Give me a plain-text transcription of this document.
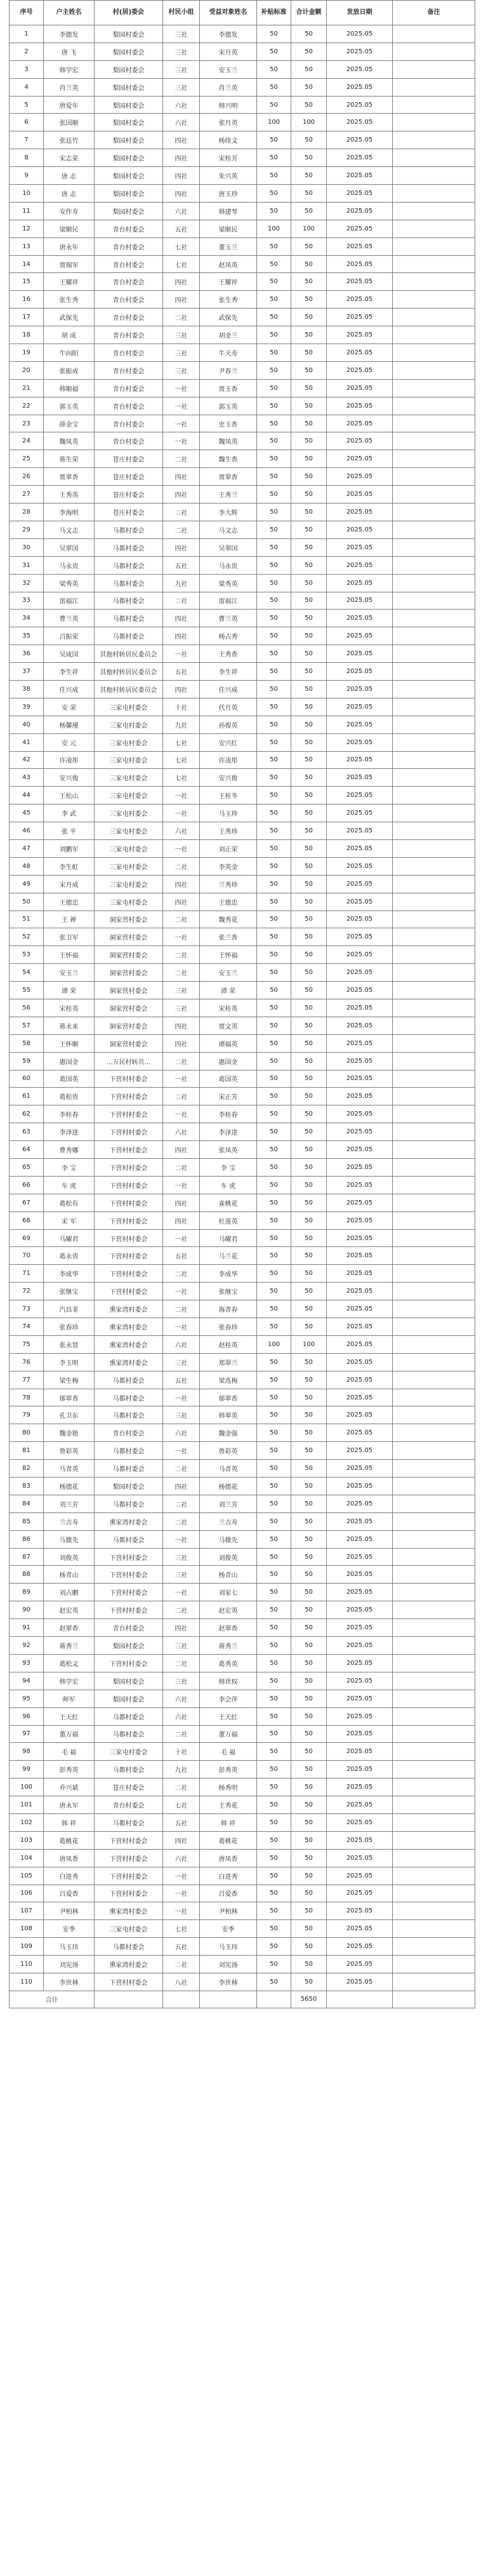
序号	户主姓名	村(居)委会	村民小组	受益对象姓名	补贴标准	合计金额	发放日期	备注
1	李德发	梨园村委会	三社	李德发	50	50	2025.05	
2	唐 飞	梨园村委会	三社	宋月英	50	50	2025.05	
3	韩学宏	梨园村委会	三社	安玉兰	50	50	2025.05	
4	肖兰英	梨园村委会	三社	肖兰英	50	50	2025.05	
5	唐爱年	梨园村委会	六社	韩兴明	50	50	2025.05	
6	张国顺	梨园村委会	六社	张月英	100	100	2025.05	
7	张廷竹	梨园村委会	四社	杨续文	50	50	2025.05	
8	宋志荣	梨园村委会	四社	宋桂芳	50	50	2025.05	
9	唐 志	梨园村委会	四社	朱兴英	50	50	2025.05	
10	唐 志	梨园村委会	四社	唐玉珍	50	50	2025.05	
11	安作寿	梨园村委会	六社	韩建琴	50	50	2025.05	
12	梁顺民	青台村委会	五社	梁顺民	100	100	2025.05	
13	唐永年	青台村委会	七社	董玉兰	50	50	2025.05	
14	贾瑞军	青台村委会	七社	赵凤英	50	50	2025.05	
15	王耀祥	青台村委会	四社	王耀祥	50	50	2025.05	
16	张生秀	青台村委会	四社	张生秀	50	50	2025.05	
17	武保先	青台村委会	二社	武保先	50	50	2025.05	
18	胡 成	青台村委会	三社	胡金兰	50	50	2025.05	
19	牛向阳	青台村委会	三社	牛天寿	50	50	2025.05	
20	张振成	青台村委会	三社	尹春兰	50	50	2025.05	
21	韩顺福	青台村委会	一社	贾玉香	50	50	2025.05	
22	郭玉英	青台村委会	一社	郭玉英	50	50	2025.05	
23	薛金宝	青台村委会	一社	史玉香	50	50	2025.05	
24	魏凤英	青台村委会	一社	魏凤英	50	50	2025.05	
25	蒋生荣	苍庄村委会	二社	魏生香	50	50	2025.05	
26	贾翠香	苍庄村委会	四社	贾翠香	50	50	2025.05	
27	王秀英	苍庄村委会	四社	王秀兰	50	50	2025.05	
28	李海明	苍庄村委会	二社	李大辉	50	50	2025.05	
29	马文志	马都村委会	二社	马文志	50	50	2025.05	
30	吴翠国	马都村委会	四社	吴翠国	50	50	2025.05	
31	马永贵	马都村委会	五社	马永贵	50	50	2025.05	
32	梁秀英	马都村委会	九社	梁秀英	50	50	2025.05	
33	雷福江	马都村委会	二社	雷福江	50	50	2025.05	
34	曹兰英	马都村委会	四社	曹兰英	50	50	2025.05	
35	吕振荣	马都村委会	四社	杨占秀	50	50	2025.05	
36	吴成国	其他村转居民委员会	一社	王秀香	50	50	2025.05	
37	李生祥	其他村转居民委员会	五社	李生祥	50	50	2025.05	
38	任兴成	其他村转居民委员会	四社	任兴成	50	50	2025.05	
39	安 荣	三家屯村委会	十社	代月英	50	50	2025.05	
40	杨馨瑾	三家屯村委会	九社	孙俊英	50	50	2025.05	
41	安 元	三家屯村委会	七社	安兴红	50	50	2025.05	
42	许凌彤	三家屯村委会	七社	许凌彤	50	50	2025.05	
43	安兴俊	三家屯村委会	七社	安兴俊	50	50	2025.05	
44	王松山	三家屯村委会	一社	王桂冬	50	50	2025.05	
45	李 武	三家屯村委会	一社	马玉珍	50	50	2025.05	
46	张 平	三家屯村委会	六社	王秀珍	50	50	2025.05	
47	刘鹏军	三家屯村委会	一社	刘正荣	50	50	2025.05	
48	李生虹	三家屯村委会	二社	李英金	50	50	2025.05	
49	宋月成	三家屯村委会	四社	兰秀珍	50	50	2025.05	
50	王德忠	三家屯村委会	四社	王德忠	50	50	2025.05	
51	王 禅	洞家营村委会	二社	魏秀花	50	50	2025.05	
52	张卫军	洞家营村委会	一社	张兰香	50	50	2025.05	
53	王怀福	洞家营村委会	二社	王怀福	50	50	2025.05	
54	安玉兰	洞家营村委会	二社	安玉兰	50	50	2025.05	
55	谭 荣	洞家营村委会	三社	谭 荣	50	50	2025.05	
56	宋桂英	洞家营村委会	三社	宋桂英	50	50	2025.05	
57	蒋永来	洞家营村委会	四社	贾文英	50	50	2025.05	
58	王怀顺	洞家营村委会	四社	谭福英	50	50	2025.05	
59	惠国金	...万民村转共...	二社	惠国金	50	50	2025.05	
60	葛国英	下营村村委会	一社	葛国英	50	50	2025.05	
61	葛松贵	下营村村委会	二社	宋正芳	50	50	2025.05	
62	李桂春	下营村村委会	一社	李桂春	50	50	2025.05	
63	李泽进	下营村村委会	六社	李泽进	50	50	2025.05	
64	曹秀娜	下营村村委会	四社	张凤英	50	50	2025.05	
65	李 宝	下营村村委会	二社	李 宝	50	50	2025.05	
66	车 虎	下营村村委会	一社	车 虎	50	50	2025.05	
67	葛松有	下营村村委会	四社	雀桃花	50	50	2025.05	
68	宋 军	下营村村委会	四社	杜莲英	50	50	2025.05	
69	马曜君	下营村村委会	一社	马曜君	50	50	2025.05	
70	葛永贵	下营村村委会	五社	马兰花	50	50	2025.05	
71	李成华	下营村村委会	二社	李成华	50	50	2025.05	
72	张继宝	下营村村委会	一社	张继宝	50	50	2025.05	
73	汽昌菲	熏家湾村委会	二社	海青春	50	50	2025.05	
74	张春珍	熏家湾村委会	一社	张春珍	50	50	2025.05	
75	张永贤	熏家湾村委会	六社	赵桂英	100	100	2025.05	
76	李玉明	熏家湾村委会	三社	郑翠兰	50	50	2025.05	
77	梁生梅	马都村委会	五社	梁选梅	50	50	2025.05	
78	郁翠香	马都村委会	一社	郁翠香	50	50	2025.05	
79	孔卫东	马都村委会	三社	韩翠英	50	50	2025.05	
80	魏金艳	青台村委会	六社	魏金强	50	50	2025.05	
81	鲁彩英	马都村委会	一社	鲁彩英	50	50	2025.05	
82	马青英	马都村委会	二社	马青英	50	50	2025.05	
83	杨德花	梨园村委会	四社	杨德花	50	50	2025.05	
84	刘兰芳	马都村委会	二社	刘兰芳	50	50	2025.05	
85	兰吉寿	熏家湾村委会	二社	兰吉寿	50	50	2025.05	
86	马微先	马都村委会	一社	马微先	50	50	2025.05	
87	刘俊英	下营村村委会	三社	刘俊英	50	50	2025.05	
88	杨青山	下营村村委会	三社	杨青山	50	50	2025.05	
89	刘占鹏	下营村村委会	一社	刘家七	50	50	2025.05	
90	赵宏英	下营村村委会	二社	赵宏英	50	50	2025.05	
91	赵翠香	青台村委会	四社	赵翠香	50	50	2025.05	
92	蒋秀兰	梨园村委会	三社	蒋秀兰	50	50	2025.05	
93	葛松文	下营村村委会	二社	葛秀英	50	50	2025.05	
94	韩学宏	梨园村委会	三社	韩世权	50	50	2025.05	
95	师军	梨园村委会	六社	李会萍	50	50	2025.05	
96	王天红	马都村委会	六社	王天红	50	50	2025.05	
97	董万福	马都村委会	二社	董万福	50	50	2025.05	
98	毛 福	三家屯村委会	十社	毛 福	50	50	2025.05	
99	彭秀英	马都村委会	九社	彭秀英	50	50	2025.05	
100	乔兴斌	苍庄村委会	二社	杨秀明	50	50	2025.05	
101	唐永军	青台村委会	七社	王秀花	50	50	2025.05	
102	韩 祥	马都村委会	五社	韩 祥	50	50	2025.05	
103	葛桃花	下营村村委会	四社	葛桃花	50	50	2025.05	
104	唐凤香	下营村村委会	六社	唐凤香	50	50	2025.05	
105	白进秀	下营村村委会	一社	白进秀	50	50	2025.05	
106	吕爱香	下营村村委会	一社	吕爱香	50	50	2025.05	
107	尹柏林	熏家湾村委会	一社	尹柏林	50	50	2025.05	
108	安季	三家屯村委会	七社	安季	50	50	2025.05	
109	马玉玮	马都村委会	五社	马玉玮	50	50	2025.05	
110	刘宪汤	熏家湾村委会	二社	刘宪汤	50	50	2025.05	
110	李世林	下营村村委会	八社	李世林	50	50	2025.05	
合计						5650		
